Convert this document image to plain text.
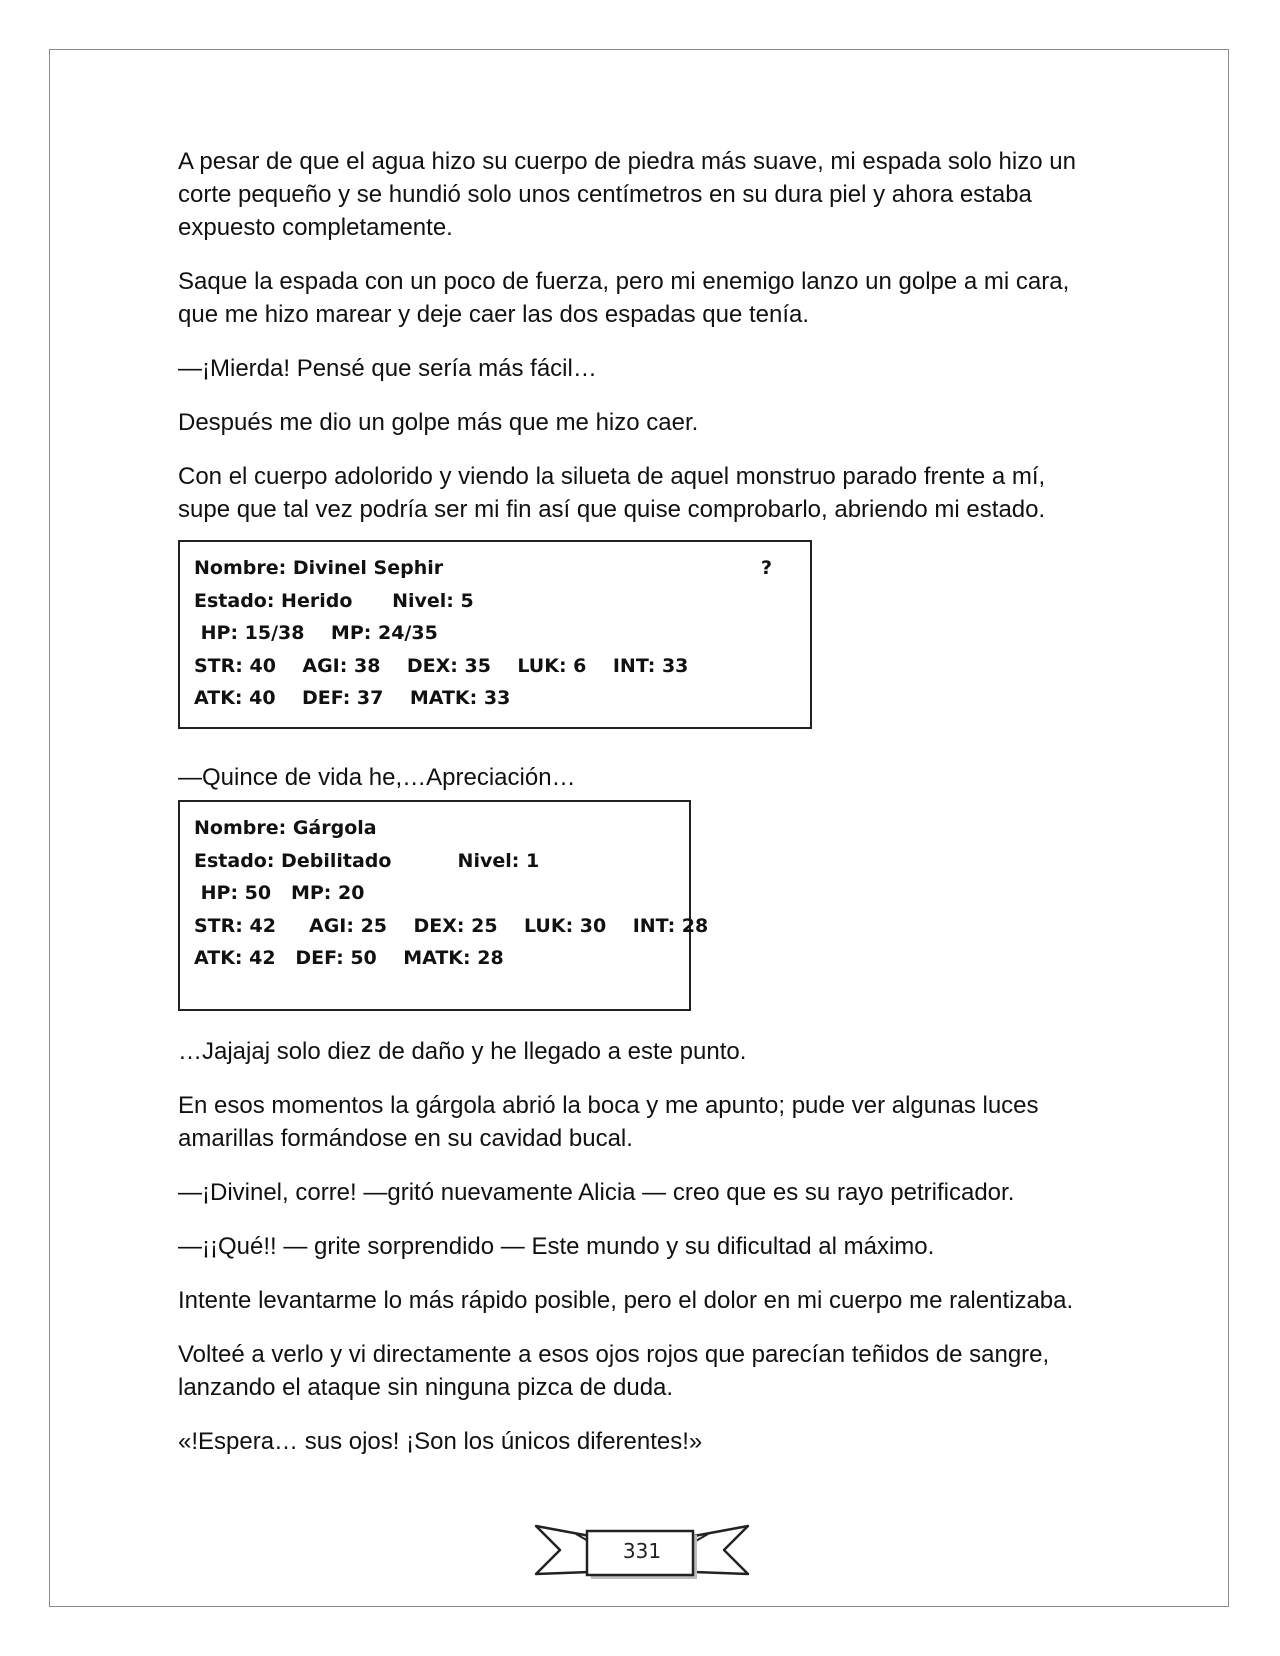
A pesar de que el agua hizo su cuerpo de piedra más suave, mi espada solo hizo un corte pequeño y se hundió solo unos centímetros en su dura piel y ahora estaba expuesto completamente.

Saque la espada con un poco de fuerza, pero mi enemigo lanzo un golpe a mi cara, que me hizo marear y deje caer las dos espadas que tenía.

—¡Mierda! Pensé que sería más fácil…

Después me dio un golpe más que me hizo caer.

Con el cuerpo adolorido y viendo la silueta de aquel monstruo parado frente a mí, supe que tal vez podría ser mi fin así que quise comprobarlo, abriendo mi estado.

Nombre: Divinel Sephir	?
Estado: Herido      Nivel: 5
HP: 15/38    MP: 24/35
STR: 40    AGI: 38    DEX: 35    LUK: 6    INT: 33
ATK: 40    DEF: 37    MATK: 33

—Quince de vida he,…Apreciación…

Nombre: Gárgola
Estado: Debilitado          Nivel: 1
HP: 50   MP: 20
STR: 42     AGI: 25    DEX: 25    LUK: 30    INT: 28
ATK: 42   DEF: 50    MATK: 28

…Jajajaj solo diez de daño y he llegado a este punto.

En esos momentos la gárgola abrió la boca y me apunto; pude ver algunas luces amarillas formándose en su cavidad bucal.

—¡Divinel, corre! —gritó nuevamente Alicia — creo que es su rayo petrificador.

—¡¡Qué!! — grite sorprendido — Este mundo y su dificultad al máximo.

Intente levantarme lo más rápido posible, pero el dolor en mi cuerpo me ralentizaba.

Volteé a verlo y vi directamente a esos ojos rojos que parecían teñidos de sangre, lanzando el ataque sin ninguna pizca de duda.

«!Espera… sus ojos! ¡Son los únicos diferentes!»

331
